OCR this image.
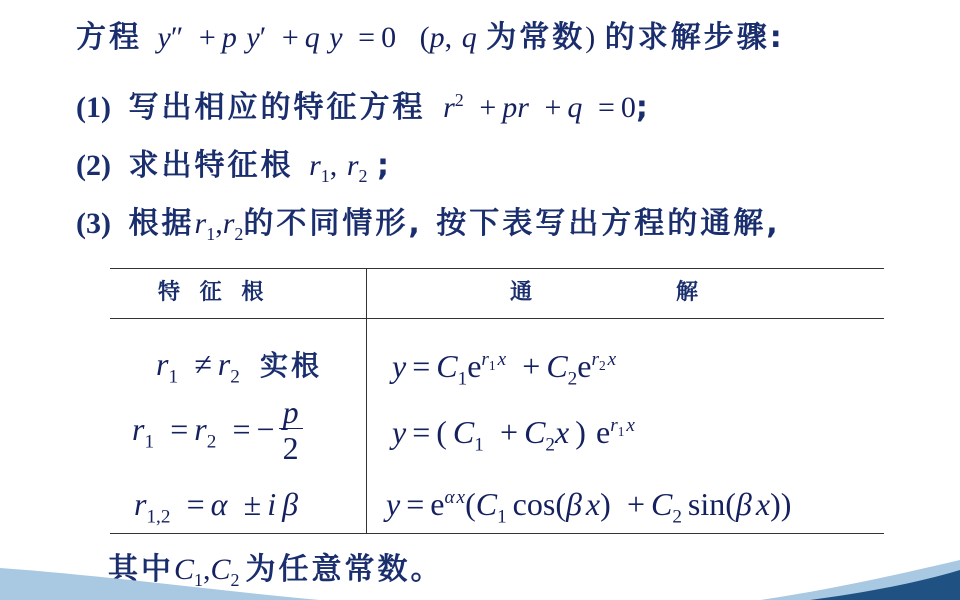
方程 y″ + p y′ + q y = 0 (p, q 为常数) 的求解步骤:
(1) 写出相应的特征方程 $r^2$ + pr + q = 0;
(2) 求出特征根 $r_1$, $r_2$ ;
(3) 根据$r_1,r_2$的不同情形, 按下表写出方程的通解,
特 征 根	通	解
$r_1 \ne r_2$ 实根 $y = C_1e^{r_1 x} + C_2e^{r_2 x}$
$r_1 = r_2$ = − $\frac{p}{2}$	y = ( $C_1 + C_2x$ ) $e^{r_1 x}$
$r_{1,2} = \alpha \pm i$ β	$y = e^{\alpha x}(C_1$ cos(β $x) + C_2$ sin(β x))
其中$C_1,C_2$ 为任意常数。
